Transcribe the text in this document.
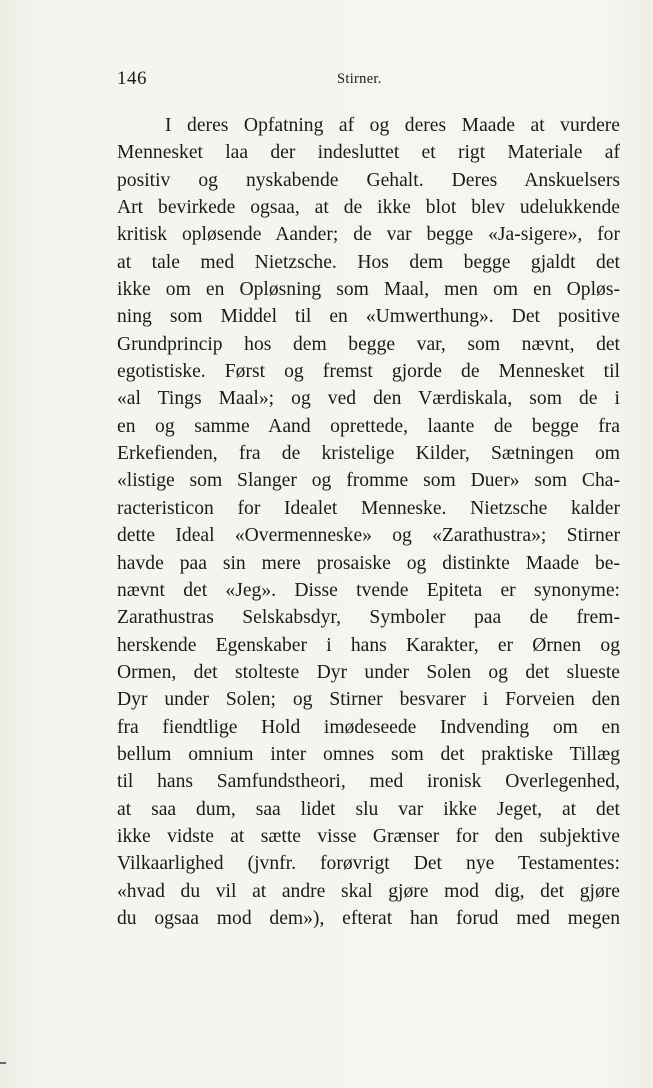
146	Stirner.
I deres Opfatning af og deres Maade at vurdere
Mennesket laa der indesluttet et rigt Materiale af
positiv og nyskabende Gehalt. Deres Anskuelsers
Art bevirkede ogsaa, at de ikke blot blev udelukkende
kritisk opløsende Aander; de var begge «Ja-sigere», for
at tale med Nietzsche. Hos dem begge gjaldt det
ikke om en Opløsning som Maal, men om en Opløs-
ning som Middel til en «Umwerthung». Det positive
Grundprincip hos dem begge var, som nævnt, det
egotistiske. Først og fremst gjorde de Mennesket til
«al Tings Maal»; og ved den Værdiskala, som de i
en og samme Aand oprettede, laante de begge fra
Erkefienden, fra de kristelige Kilder, Sætningen om
«listige som Slanger og fromme som Duer» som Cha-
racteristicon for Idealet Menneske. Nietzsche kalder
dette Ideal «Overmenneske» og «Zarathustra»; Stirner
havde paa sin mere prosaiske og distinkte Maade be-
nævnt det «Jeg». Disse tvende Epiteta er synonyme:
Zarathustras Selskabsdyr, Symboler paa de frem-
herskende Egenskaber i hans Karakter, er Ørnen og
Ormen, det stolteste Dyr under Solen og det slueste
Dyr under Solen; og Stirner besvarer i Forveien den
fra fiendtlige Hold imødeseede Indvending om en
bellum omnium inter omnes som det praktiske Tillæg
til hans Samfundstheori, med ironisk Overlegenhed,
at saa dum, saa lidet slu var ikke Jeget, at det
ikke vidste at sætte visse Grænser for den subjektive
Vilkaarlighed (jvnfr. forøvrigt Det nye Testamentes:
«hvad du vil at andre skal gjøre mod dig, det gjøre
du ogsaa mod dem»), efterat han forud med megen
